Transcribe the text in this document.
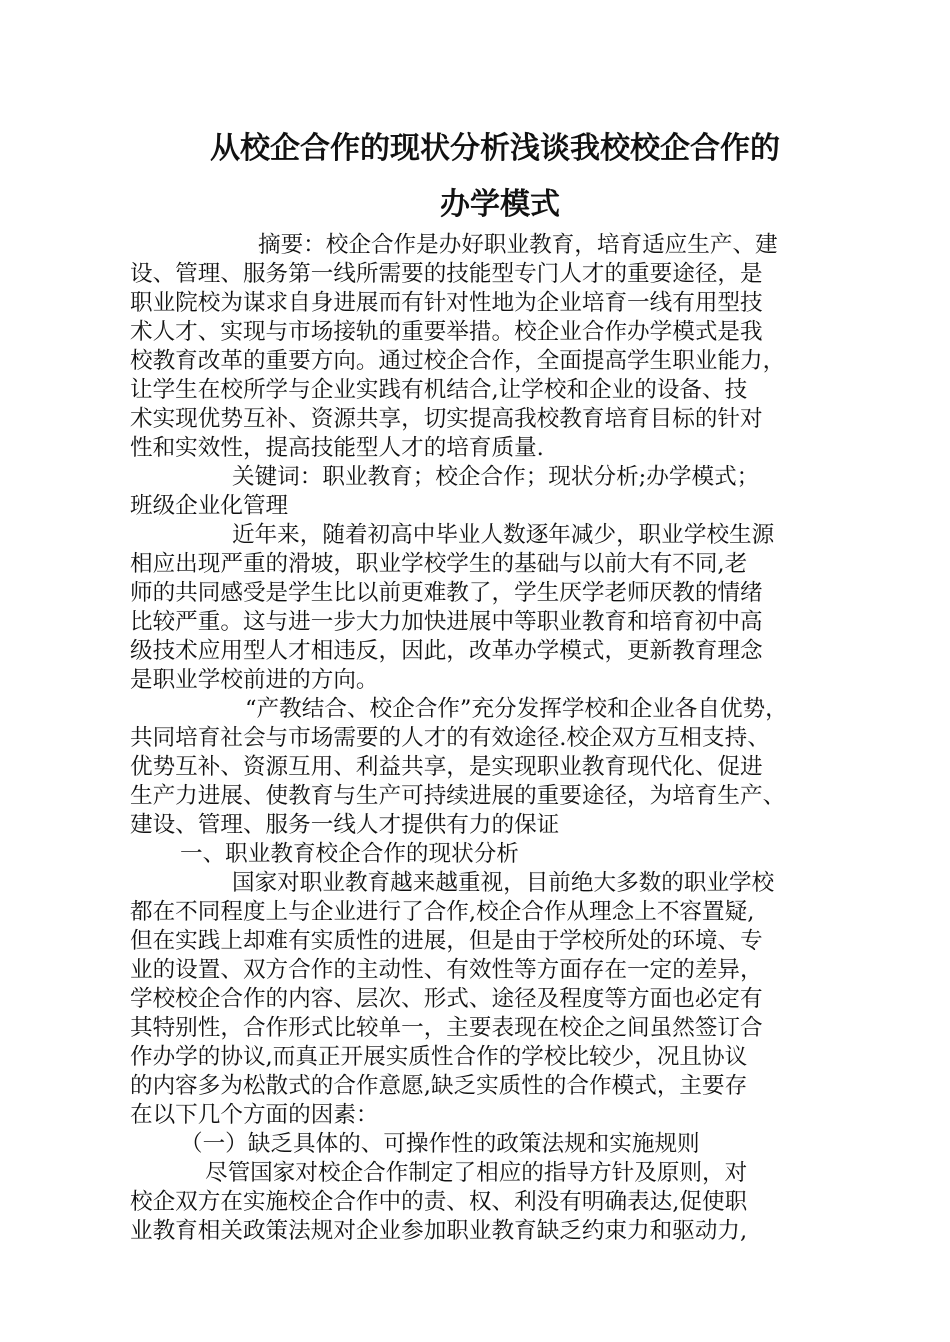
从校企合作的现状分析浅谈我校校企合作的
办学模式
摘要：校企合作是办好职业教育，培育适应生产、建
设、管理、服务第一线所需要的技能型专门人才的重要途径，是
职业院校为谋求自身进展而有针对性地为企业培育一线有用型技
术人才、实现与市场接轨的重要举措。校企业合作办学模式是我
校教育改革的重要方向。通过校企合作，全面提高学生职业能力，
让学生在校所学与企业实践有机结合,让学校和企业的设备、技
术实现优势互补、资源共享，切实提高我校教育培育目标的针对
性和实效性，提高技能型人才的培育质量.
关键词：职业教育；校企合作；现状分析;办学模式；
班级企业化管理
近年来，随着初高中毕业人数逐年减少，职业学校生源
相应出现严重的滑坡，职业学校学生的基础与以前大有不同,老
师的共同感受是学生比以前更难教了，学生厌学老师厌教的情绪
比较严重。这与进一步大力加快进展中等职业教育和培育初中高
级技术应用型人才相违反，因此，改革办学模式，更新教育理念
是职业学校前进的方向。
“产教结合、校企合作”充分发挥学校和企业各自优势，
共同培育社会与市场需要的人才的有效途径.校企双方互相支持、
优势互补、资源互用、利益共享，是实现职业教育现代化、促进
生产力进展、使教育与生产可持续进展的重要途径，为培育生产、
建设、管理、服务一线人才提供有力的保证
一、职业教育校企合作的现状分析
国家对职业教育越来越重视，目前绝大多数的职业学校
都在不同程度上与企业进行了合作,校企合作从理念上不容置疑,
但在实践上却难有实质性的进展，但是由于学校所处的环境、专
业的设置、双方合作的主动性、有效性等方面存在一定的差异，
学校校企合作的内容、层次、形式、途径及程度等方面也必定有
其特别性，合作形式比较单一，主要表现在校企之间虽然签订合
作办学的协议,而真正开展实质性合作的学校比较少，况且协议
的内容多为松散式的合作意愿,缺乏实质性的合作模式，主要存
在以下几个方面的因素：
（一）缺乏具体的、可操作性的政策法规和实施规则
尽管国家对校企合作制定了相应的指导方针及原则，对
校企双方在实施校企合作中的责、权、利没有明确表达,促使职
业教育相关政策法规对企业参加职业教育缺乏约束力和驱动力,
